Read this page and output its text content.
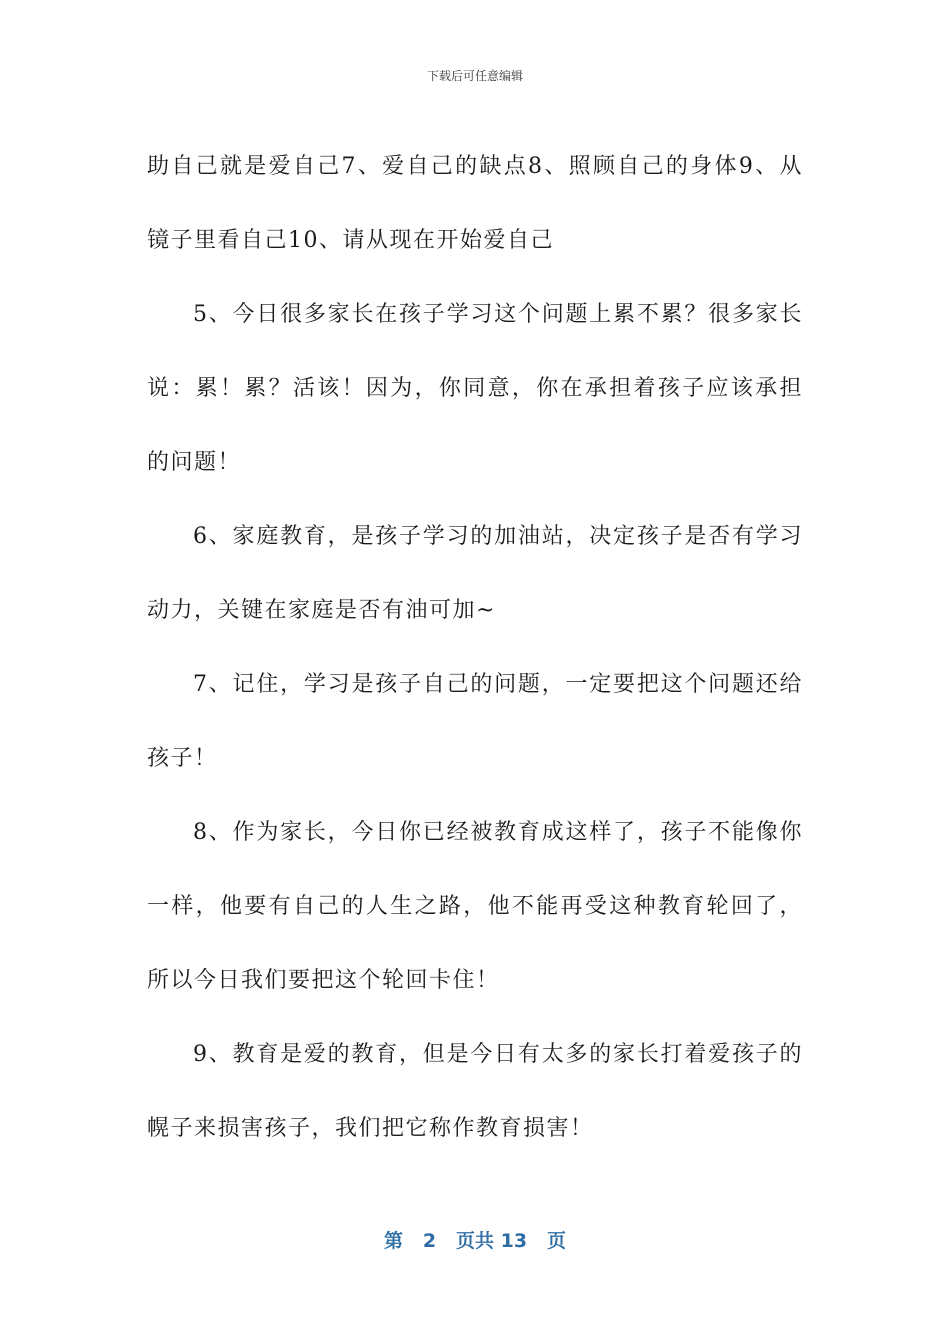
下载后可任意编辑

助自己就是爱自己7、爱自己的缺点8、照顾自己的身体9、从镜子里看自己10、请从现在开始爱自己

5、今日很多家长在孩子学习这个问题上累不累？很多家长说：累！累？活该！因为，你同意，你在承担着孩子应该承担的问题！

6、家庭教育，是孩子学习的加油站，决定孩子是否有学习动力，关键在家庭是否有油可加~

7、记住，学习是孩子自己的问题，一定要把这个问题还给孩子！

8、作为家长，今日你已经被教育成这样了，孩子不能像你一样，他要有自己的人生之路，他不能再受这种教育轮回了，所以今日我们要把这个轮回卡住！

9、教育是爱的教育，但是今日有太多的家长打着爱孩子的幌子来损害孩子，我们把它称作教育损害！

第 2 页共 13 页
